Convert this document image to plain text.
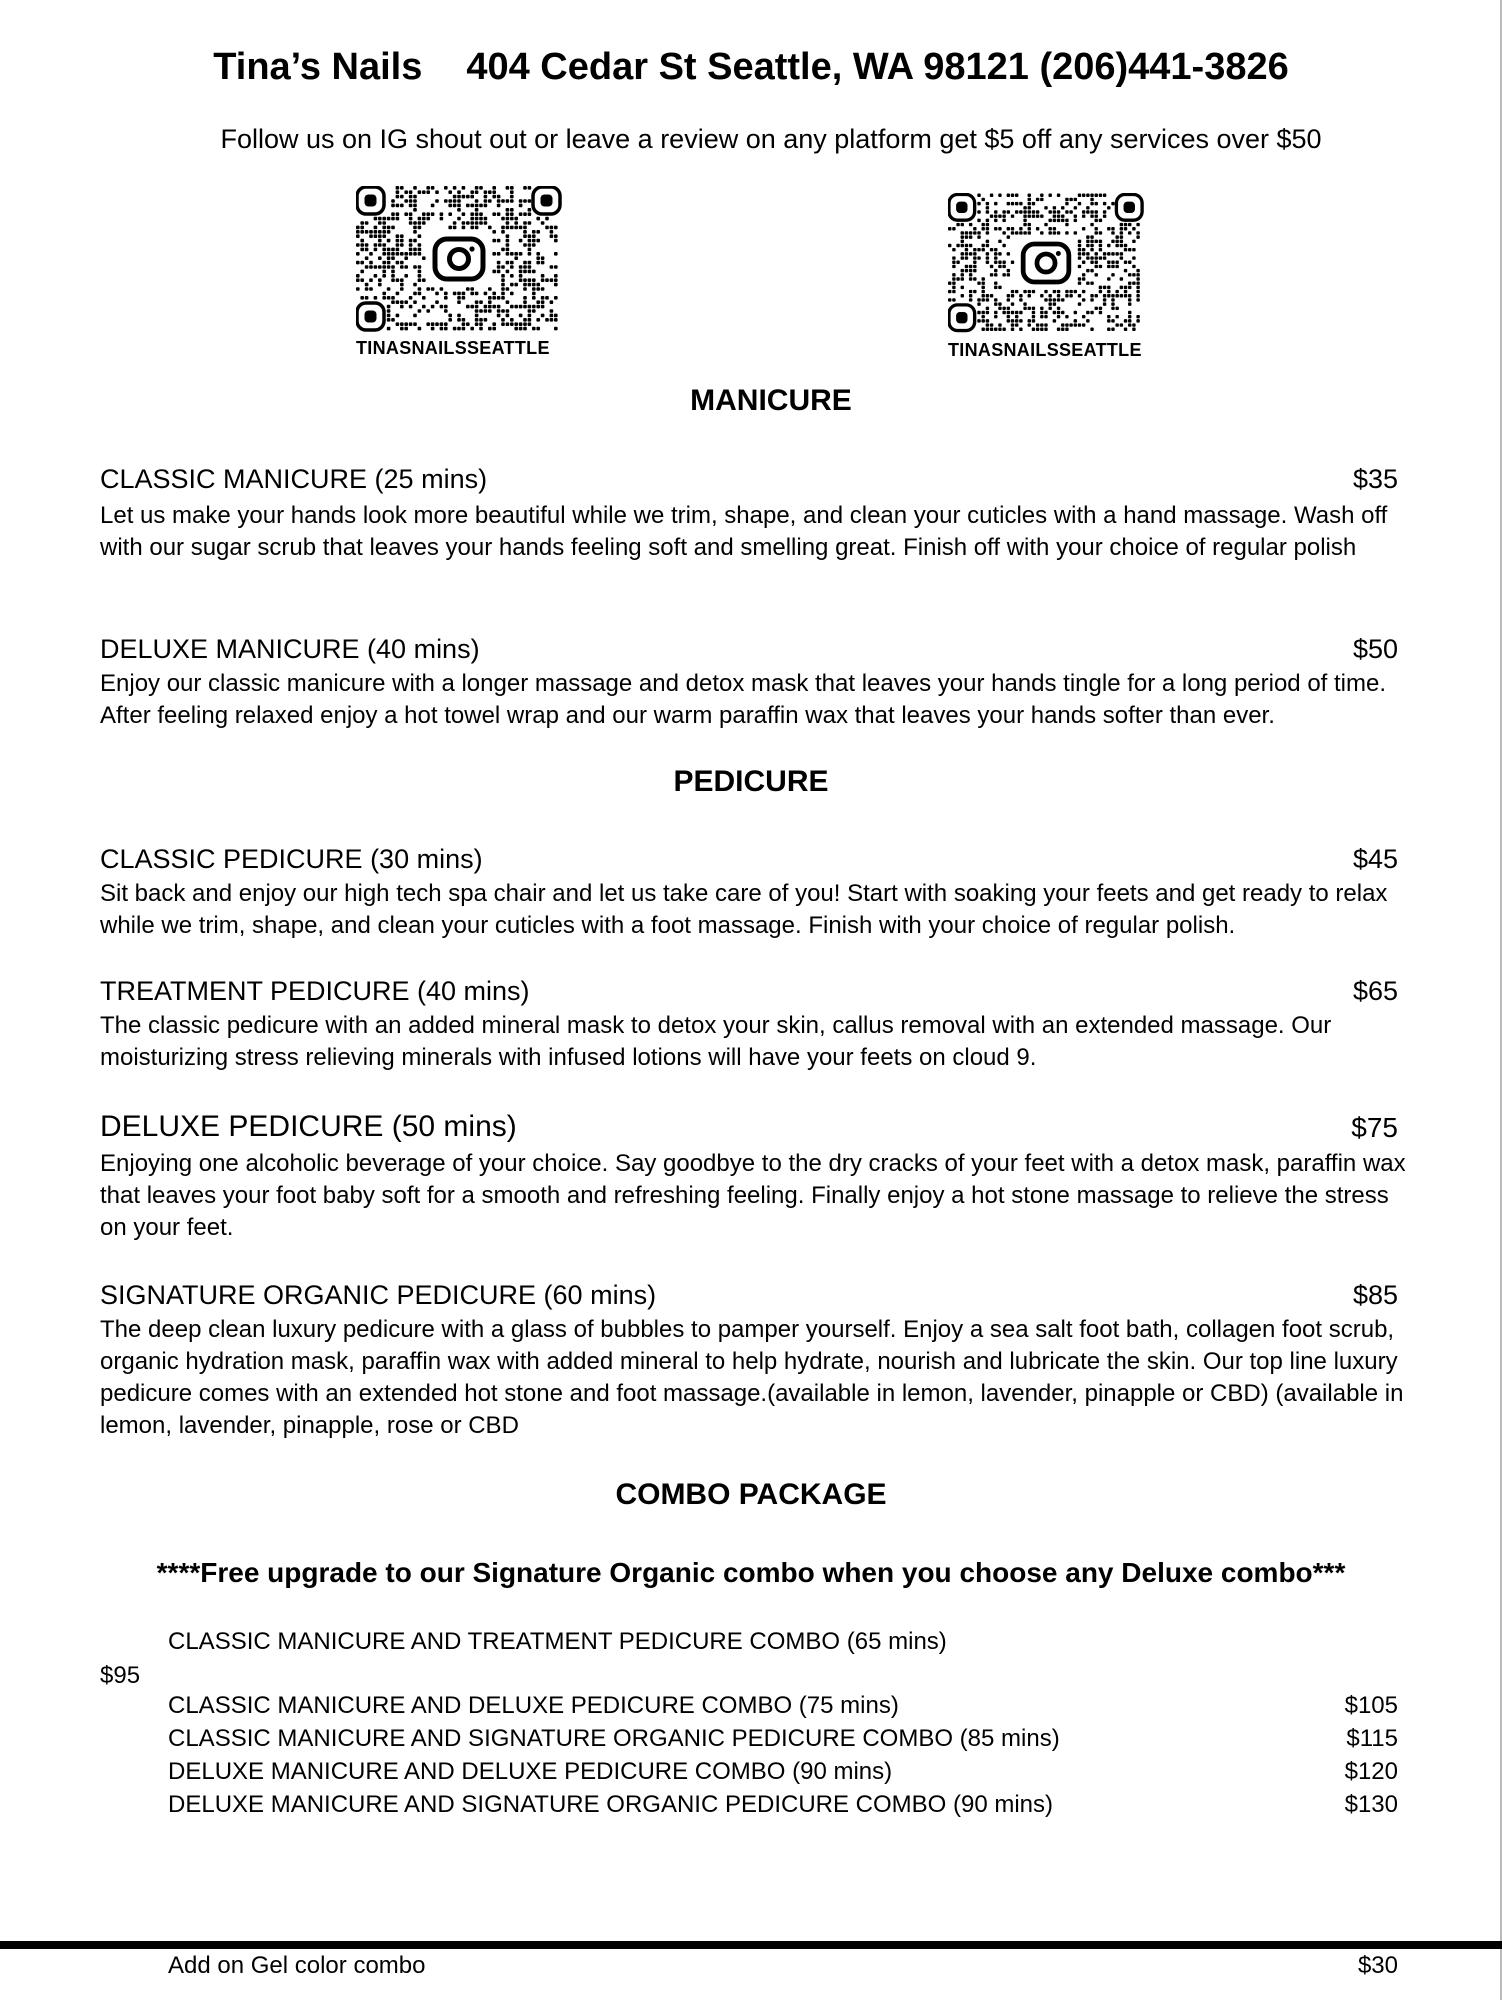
Tina’s Nails 404 Cedar St Seattle, WA 98121 (206)441-3826
Follow us on IG shout out or leave a review on any platform get $5 off any services over $50
TINASNAILSSEATTLE	TINASNAILSSEATTLE
MANICURE
CLASSIC MANICURE (25 mins)	$35
Let us make your hands look more beautiful while we trim, shape, and clean your cuticles with a hand massage. Wash off with our sugar scrub that leaves your hands feeling soft and smelling great. Finish off with your choice of regular polish
DELUXE MANICURE (40 mins)	$50
Enjoy our classic manicure with a longer massage and detox mask that leaves your hands tingle for a long period of time. After feeling relaxed enjoy a hot towel wrap and our warm paraffin wax that leaves your hands softer than ever.
PEDICURE
CLASSIC PEDICURE (30 mins)	$45
Sit back and enjoy our high tech spa chair and let us take care of you! Start with soaking your feets and get ready to relax while we trim, shape, and clean your cuticles with a foot massage. Finish with your choice of regular polish.
TREATMENT PEDICURE (40 mins)	$65
The classic pedicure with an added mineral mask to detox your skin, callus removal with an extended massage. Our moisturizing stress relieving minerals with infused lotions will have your feets on cloud 9.
DELUXE PEDICURE (50 mins)	$75
Enjoying one alcoholic beverage of your choice. Say goodbye to the dry cracks of your feet with a detox mask, paraffin wax that leaves your foot baby soft for a smooth and refreshing feeling. Finally enjoy a hot stone massage to relieve the stress on your feet.
SIGNATURE ORGANIC PEDICURE (60 mins)	$85
The deep clean luxury pedicure with a glass of bubbles to pamper yourself. Enjoy a sea salt foot bath, collagen foot scrub, organic hydration mask, paraffin wax with added mineral to help hydrate, nourish and lubricate the skin. Our top line luxury pedicure comes with an extended hot stone and foot massage.(available in lemon, lavender, pinapple or CBD) (available in lemon, lavender, pinapple, rose or CBD
COMBO PACKAGE
****Free upgrade to our Signature Organic combo when you choose any Deluxe combo***
CLASSIC MANICURE AND TREATMENT PEDICURE COMBO (65 mins)
$95
CLASSIC MANICURE AND DELUXE PEDICURE COMBO (75 mins)	$105
CLASSIC MANICURE AND SIGNATURE ORGANIC PEDICURE COMBO (85 mins)	$115
DELUXE MANICURE AND DELUXE PEDICURE COMBO (90 mins)	$120
DELUXE MANICURE AND SIGNATURE ORGANIC PEDICURE COMBO (90 mins)	$130
Add on Gel color combo	$30
